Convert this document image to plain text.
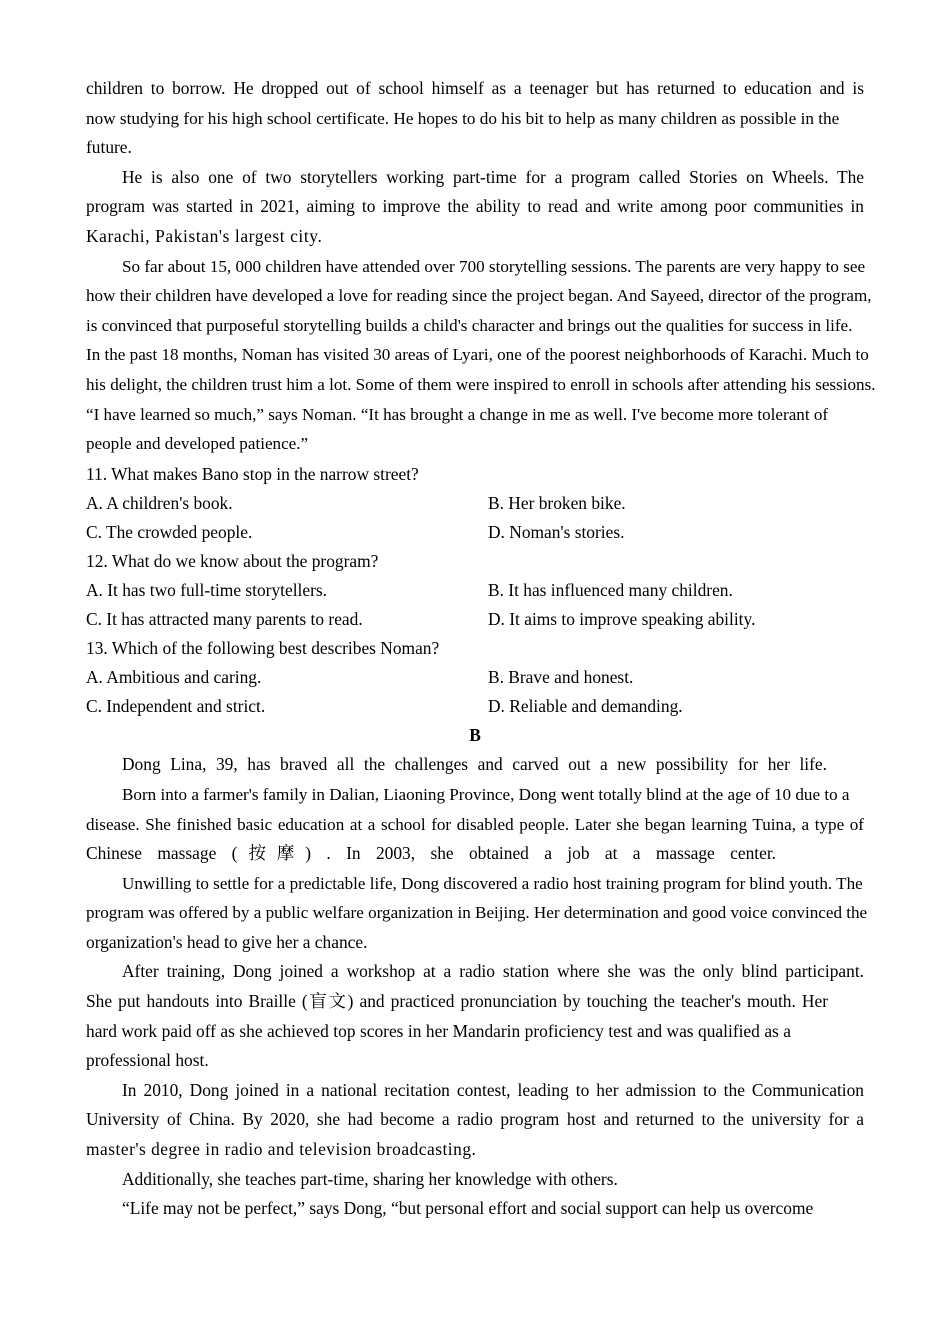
children to borrow. He dropped out of school himself as a teenager but has returned to education and is
now studying for his high school certificate. He hopes to do his bit to help as many children as possible in the
future.
He is also one of two storytellers working part-time for a program called Stories on Wheels. The
program was started in 2021, aiming to improve the ability to read and write among poor communities in
Karachi, Pakistan's largest city.
So far about 15, 000 children have attended over 700 storytelling sessions. The parents are very happy to see
how their children have developed a love for reading since the project began. And Sayeed, director of the program,
is convinced that purposeful storytelling builds a child's character and brings out the qualities for success in life.
In the past 18 months, Noman has visited 30 areas of Lyari, one of the poorest neighborhoods of Karachi. Much to
his delight, the children trust him a lot. Some of them were inspired to enroll in schools after attending his sessions.
“I have learned so much,” says Noman. “It has brought a change in me as well. I've become more tolerant of
people and developed patience.”
11. What makes Bano stop in the narrow street?
A. A children's book.	B. Her broken bike.
C. The crowded people.	D. Noman's stories.
12. What do we know about the program?
A. It has two full-time storytellers.	B. It has influenced many children.
C. It has attracted many parents to read.	D. It aims to improve speaking ability.
13. Which of the following best describes Noman?
A. Ambitious and caring.	B. Brave and honest.
C. Independent and strict.	D. Reliable and demanding.
B
Dong Lina, 39, has braved all the challenges and carved out a new possibility for her life.
Born into a farmer's family in Dalian, Liaoning Province, Dong went totally blind at the age of 10 due to a
disease. She finished basic education at a school for disabled people. Later she began learning Tuina, a type of
Chinese massage (按摩) . In 2003, she obtained a job at a massage center.
Unwilling to settle for a predictable life, Dong discovered a radio host training program for blind youth. The
program was offered by a public welfare organization in Beijing. Her determination and good voice convinced the
organization's head to give her a chance.
After training, Dong joined a workshop at a radio station where she was the only blind participant.
She put handouts into Braille (盲文) and practiced pronunciation by touching the teacher's mouth. Her
hard work paid off as she achieved top scores in her Mandarin proficiency test and was qualified as a
professional host.
In 2010, Dong joined in a national recitation contest, leading to her admission to the Communication
University of China. By 2020, she had become a radio program host and returned to the university for a
master's degree in radio and television broadcasting.
Additionally, she teaches part-time, sharing her knowledge with others.
“Life may not be perfect,” says Dong, “but personal effort and social support can help us overcome
